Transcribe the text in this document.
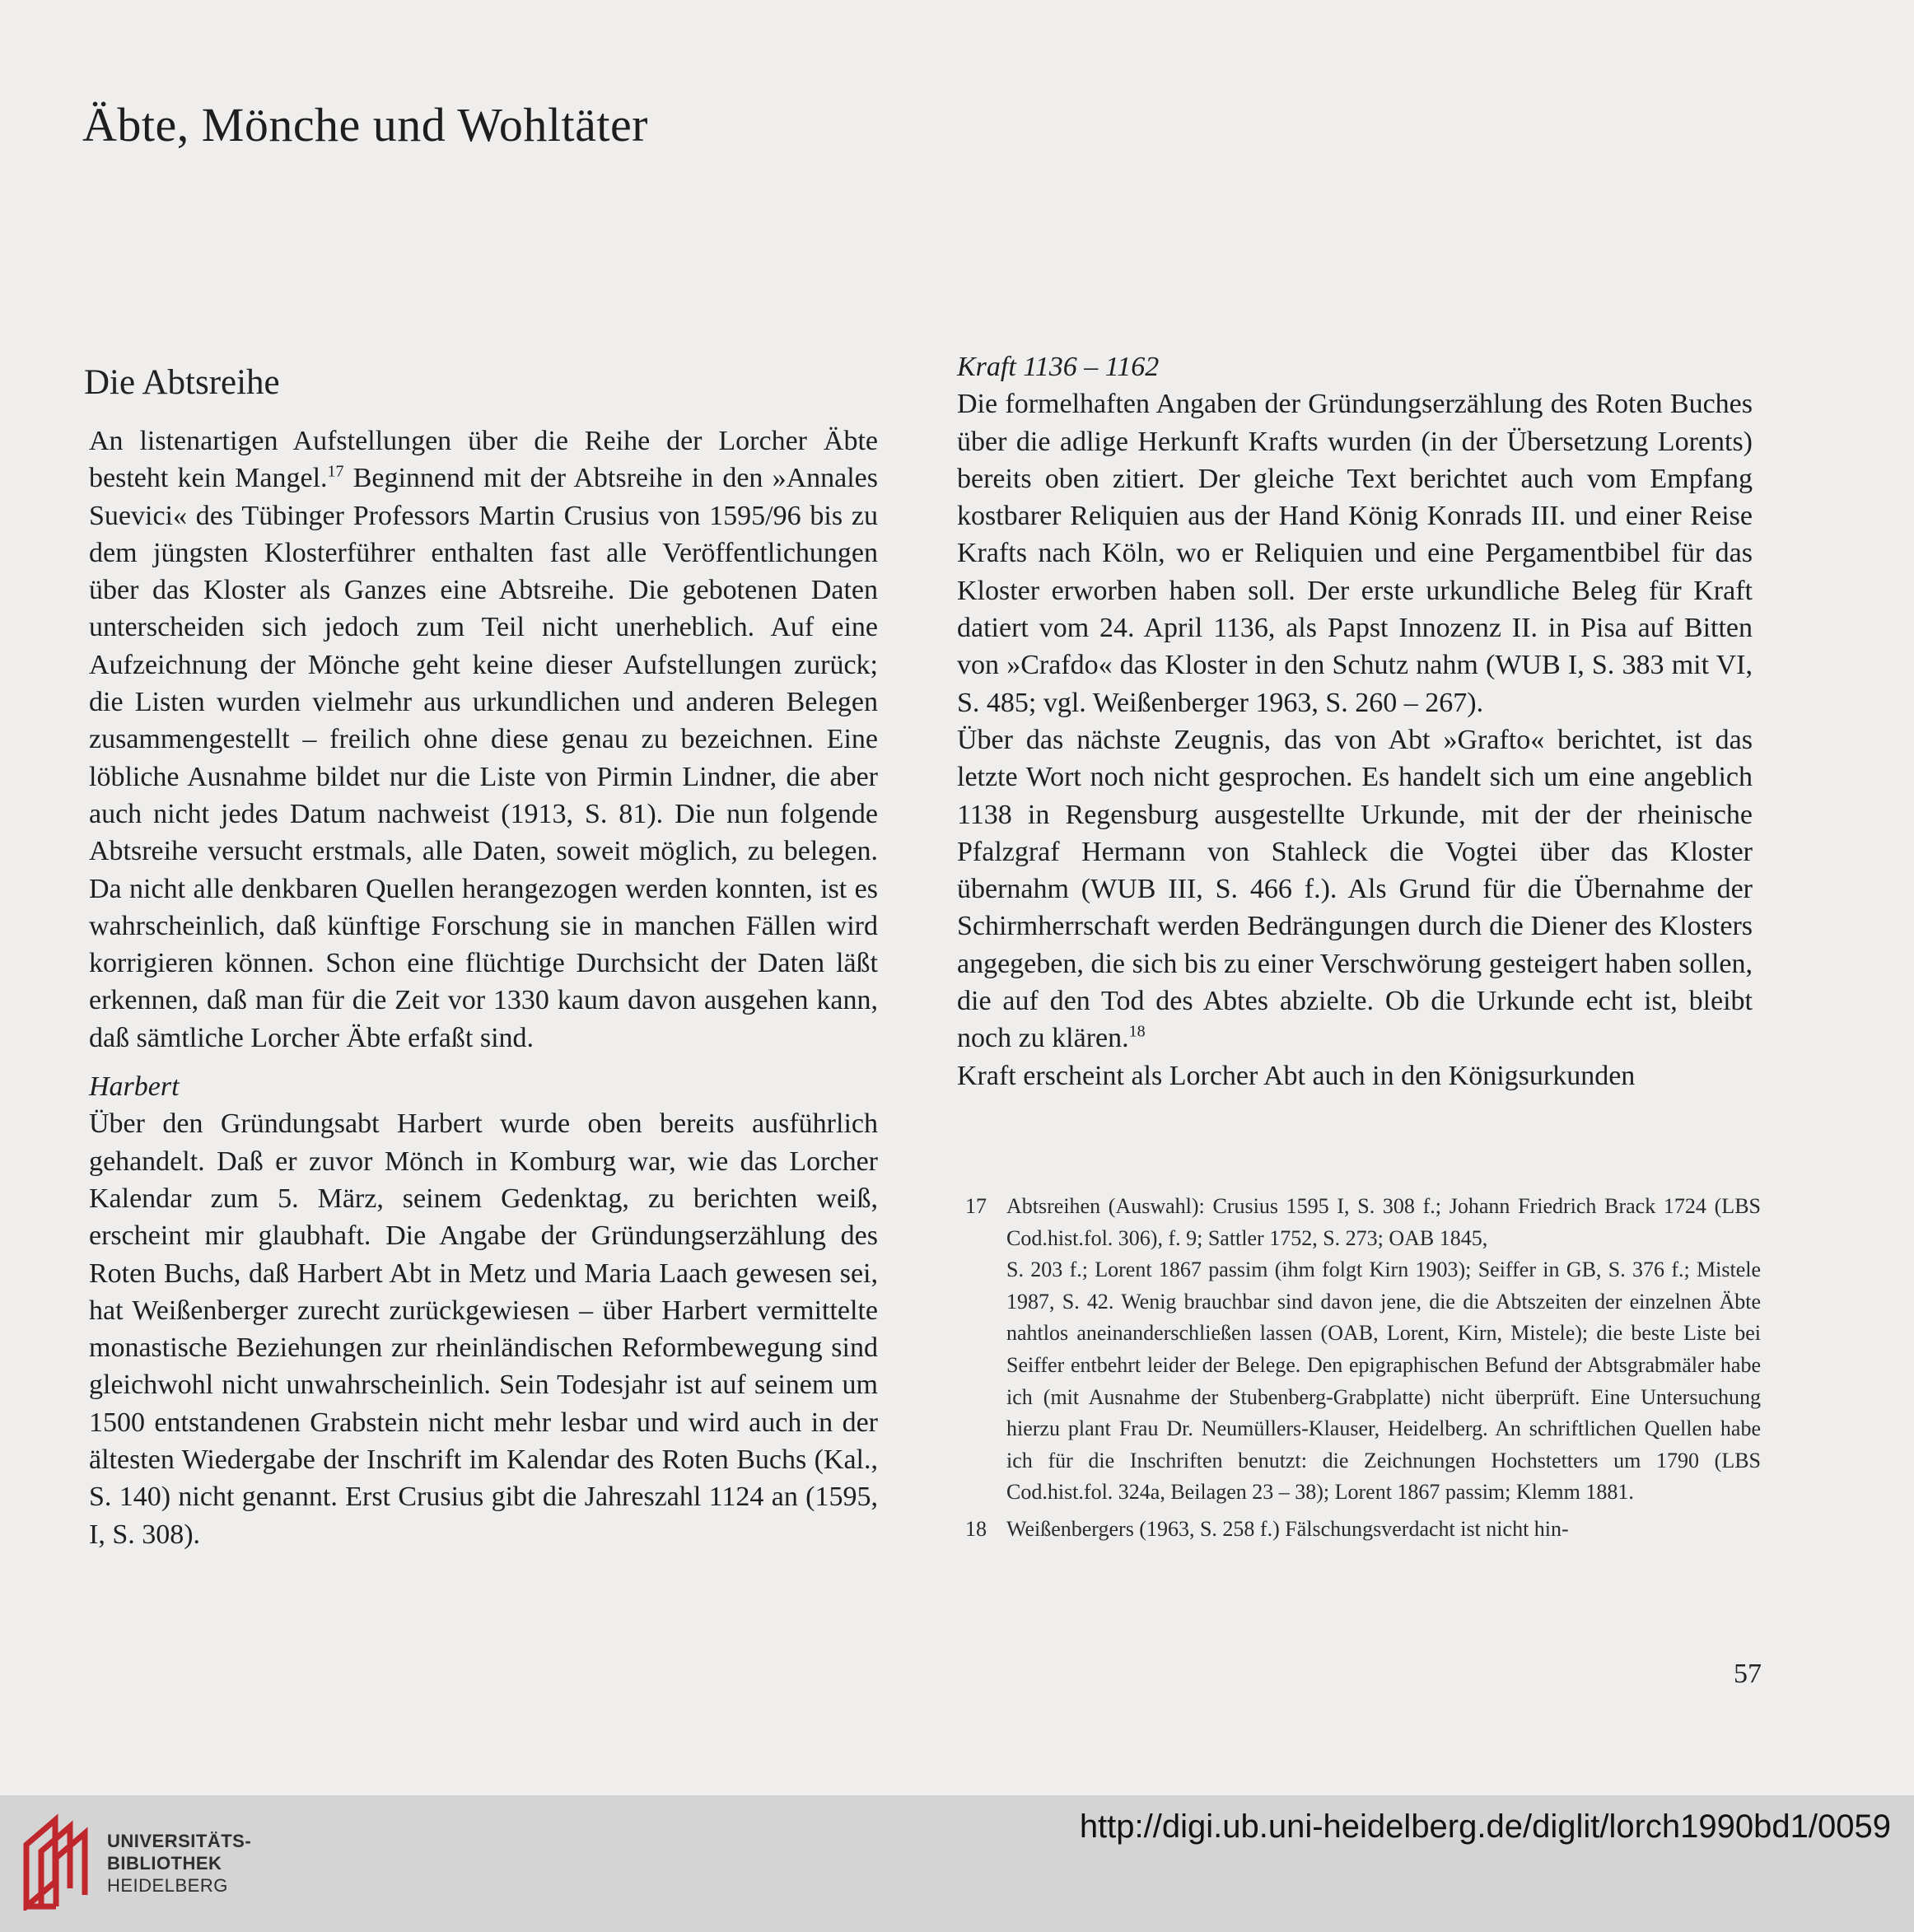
Äbte, Mönche und Wohltäter
Die Abtsreihe

An listenartigen Aufstellungen über die Reihe der Lorcher Äbte besteht kein Mangel.$^{17}$ Beginnend mit der Abtsreihe in den »Annales Suevici« des Tübinger Professors Martin Crusius von 1595/96 bis zu dem jüngsten Klosterführer enthalten fast alle Veröffentlichungen über das Kloster als Ganzes eine Abtsreihe. Die gebotenen Daten unterscheiden sich jedoch zum Teil nicht unerheblich. Auf eine Aufzeichnung der Mönche geht keine dieser Aufstellungen zurück; die Listen wurden vielmehr aus urkundlichen und anderen Belegen zusammengestellt – freilich ohne diese genau zu bezeichnen. Eine löbliche Ausnahme bildet nur die Liste von Pirmin Lindner, die aber auch nicht jedes Datum nachweist (1913, S. 81). Die nun folgende Abtsreihe versucht erstmals, alle Daten, soweit möglich, zu belegen. Da nicht alle denkbaren Quellen herangezogen werden konnten, ist es wahrscheinlich, daß künftige Forschung sie in manchen Fällen wird korrigieren können. Schon eine flüchtige Durchsicht der Daten läßt erkennen, daß man für die Zeit vor 1330 kaum davon ausgehen kann, daß sämtliche Lorcher Äbte erfaßt sind.

Harbert

Über den Gründungsabt Harbert wurde oben bereits ausführlich gehandelt. Daß er zuvor Mönch in Komburg war, wie das Lorcher Kalendar zum 5. März, seinem Gedenktag, zu berichten weiß, erscheint mir glaubhaft. Die Angabe der Gründungserzählung des Roten Buchs, daß Harbert Abt in Metz und Maria Laach gewesen sei, hat Weißenberger zurecht zurückgewiesen – über Harbert vermittelte monastische Beziehungen zur rheinländischen Reformbewegung sind gleichwohl nicht unwahrscheinlich. Sein Todesjahr ist auf seinem um 1500 entstandenen Grabstein nicht mehr lesbar und wird auch in der ältesten Wiedergabe der Inschrift im Kalendar des Roten Buchs (Kal., S. 140) nicht genannt. Erst Crusius gibt die Jahreszahl 1124 an (1595, I, S. 308).

Kraft 1136 – 1162

Die formelhaften Angaben der Gründungserzählung des Roten Buches über die adlige Herkunft Krafts wurden (in der Übersetzung Lorents) bereits oben zitiert. Der gleiche Text berichtet auch vom Empfang kostbarer Reliquien aus der Hand König Konrads III. und einer Reise Krafts nach Köln, wo er Reliquien und eine Pergamentbibel für das Kloster erworben haben soll. Der erste urkundliche Beleg für Kraft datiert vom 24. April 1136, als Papst Innozenz II. in Pisa auf Bitten von »Crafdo« das Kloster in den Schutz nahm (WUB I, S. 383 mit VI, S. 485; vgl. Weißenberger 1963, S. 260 – 267).

Über das nächste Zeugnis, das von Abt »Grafto« berichtet, ist das letzte Wort noch nicht gesprochen. Es handelt sich um eine angeblich 1138 in Regensburg ausgestellte Urkunde, mit der der rheinische Pfalzgraf Hermann von Stahleck die Vogtei über das Kloster übernahm (WUB III, S. 466 f.). Als Grund für die Übernahme der Schirmherrschaft werden Bedrängungen durch die Diener des Klosters angegeben, die sich bis zu einer Verschwörung gesteigert haben sollen, die auf den Tod des Abtes abzielte. Ob die Urkunde echt ist, bleibt noch zu klären.$^{18}$

Kraft erscheint als Lorcher Abt auch in den Königsurkunden

17 Abtsreihen (Auswahl): Crusius 1595 I, S. 308 f.; Johann Friedrich Brack 1724 (LBS Cod.hist.fol. 306), f. 9; Sattler 1752, S. 273; OAB 1845,
S. 203 f.; Lorent 1867 passim (ihm folgt Kirn 1903); Seiffer in GB, S. 376 f.; Mistele 1987, S. 42. Wenig brauchbar sind davon jene, die die Abtszeiten der einzelnen Äbte nahtlos aneinanderschließen lassen (OAB, Lorent, Kirn, Mistele); die beste Liste bei Seiffer entbehrt leider der Belege. Den epigraphischen Befund der Abtsgrabmäler habe ich (mit Ausnahme der Stubenberg-Grabplatte) nicht überprüft. Eine Untersuchung hierzu plant Frau Dr. Neumüllers-Klauser, Heidelberg. An schriftlichen Quellen habe ich für die Inschriften benutzt: die Zeichnungen Hochstetters um 1790 (LBS Cod.hist.fol. 324a, Beilagen 23 – 38); Lorent 1867 passim; Klemm 1881.
18 Weißenbergers (1963, S. 258 f.) Fälschungsverdacht ist nicht hin-
57
UNIVERSITÄTS-
BIBLIOTHEK
HEIDELBERG
http://digi.ub.uni-heidelberg.de/diglit/lorch1990bd1/0059
